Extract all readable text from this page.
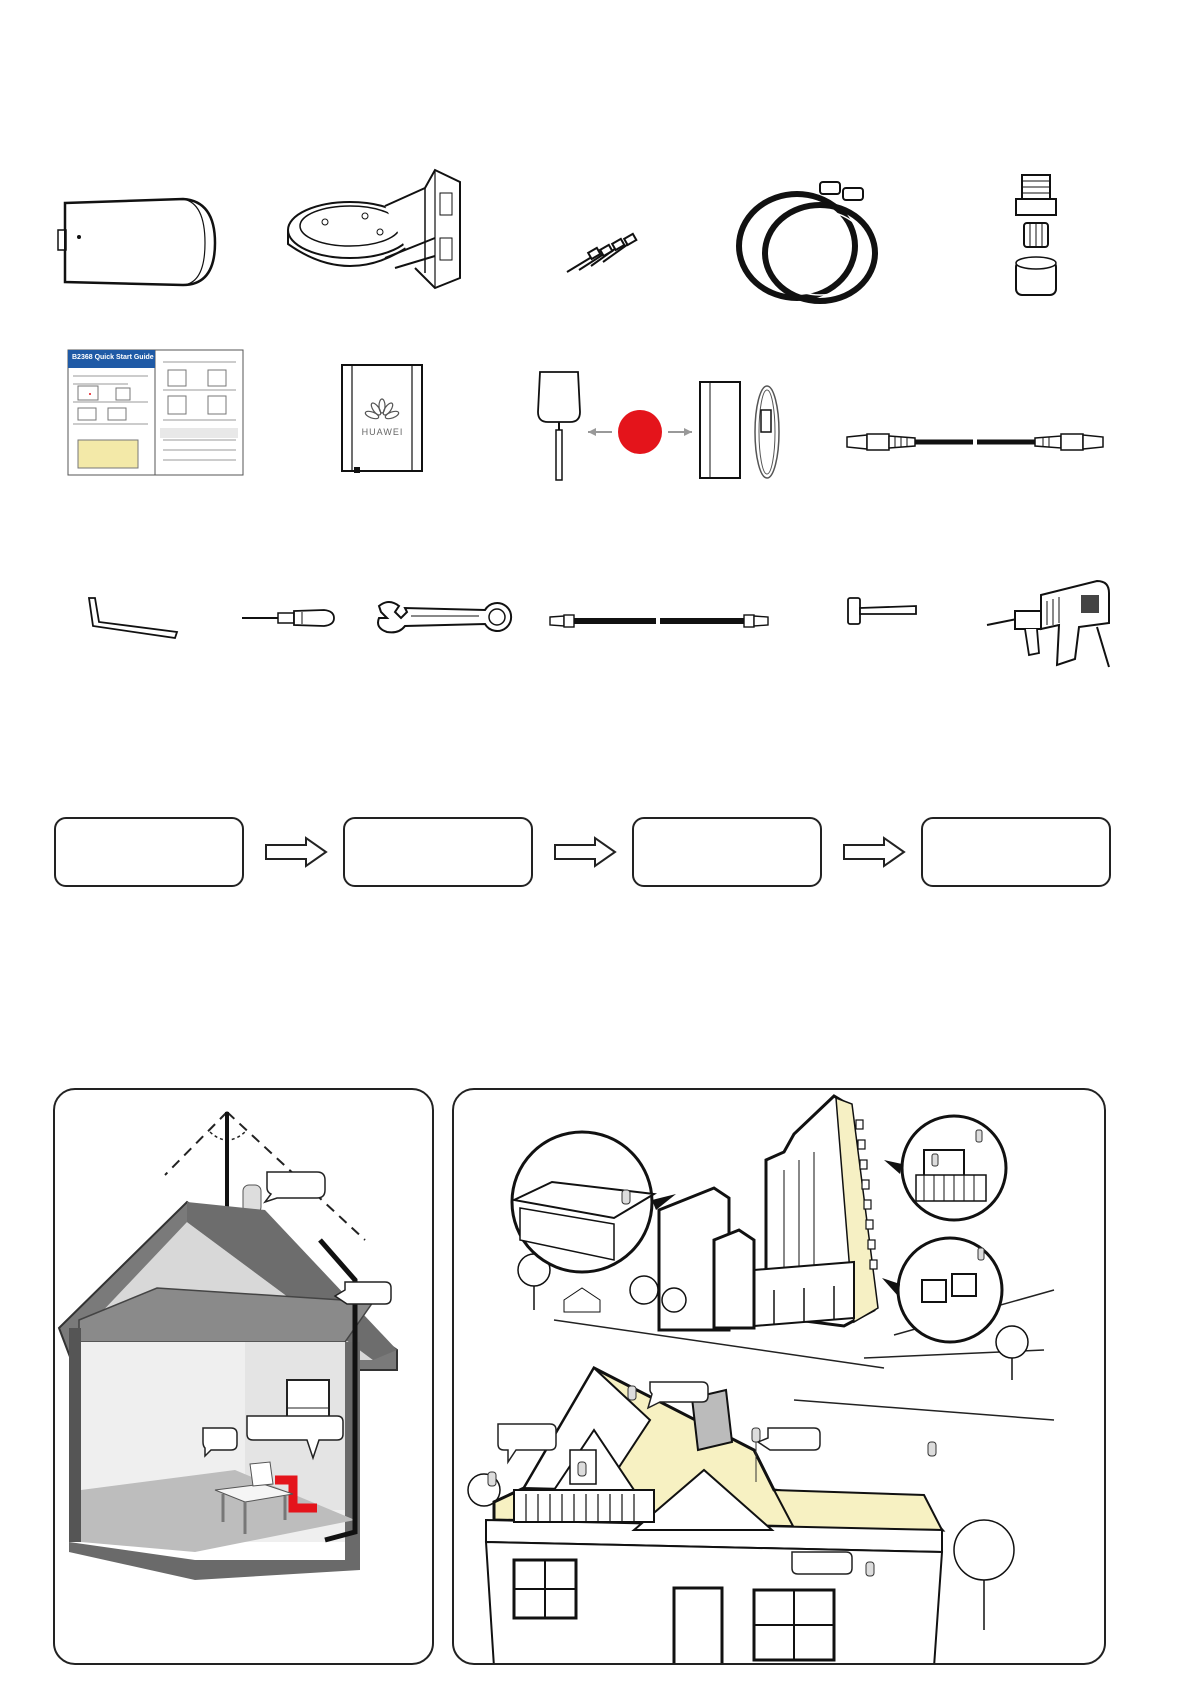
B2368 Quick Start Guide
HUAWEI
